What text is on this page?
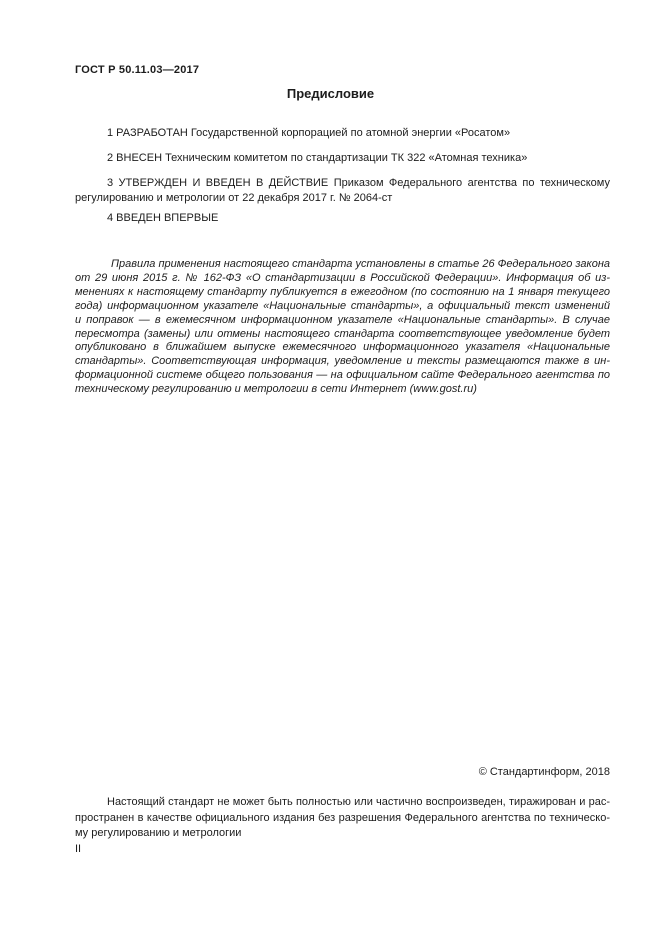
ГОСТ Р 50.11.03—2017
Предисловие

1 РАЗРАБОТАН Государственной корпорацией по атомной энергии «Росатом»

2 ВНЕСЕН Техническим комитетом по стандартизации ТК 322 «Атомная техника»

3 УТВЕРЖДЕН И ВВЕДЕН В ДЕЙСТВИЕ Приказом Федерального агентства по техническому
регулированию и метрологии от 22 декабря 2017 г. № 2064-ст

4 ВВЕДЕН ВПЕРВЫЕ

Правила применения настоящего стандарта установлены в статье 26 Федерального закона
от 29 июня 2015 г. № 162-ФЗ «О стандартизации в Российской Федерации». Информация об из-
менениях к настоящему стандарту публикуется в ежегодном (по состоянию на 1 января текущего
года) информационном указателе «Национальные стандарты», а официальный текст изменений
и поправок — в ежемесячном информационном указателе «Национальные стандарты». В случае
пересмотра (замены) или отмены настоящего стандарта соответствующее уведомление будет
опубликовано в ближайшем выпуске ежемесячного информационного указателя «Национальные
стандарты». Соответствующая информация, уведомление и тексты размещаются также в ин-
формационной системе общего пользования — на официальном сайте Федерального агентства по
техническому регулированию и метрологии в сети Интернет (www.gost.ru)
© Стандартинформ, 2018
Настоящий стандарт не может быть полностью или частично воспроизведен, тиражирован и рас-
пространен в качестве официального издания без разрешения Федерального агентства по техническо-
му регулированию и метрологии
II
